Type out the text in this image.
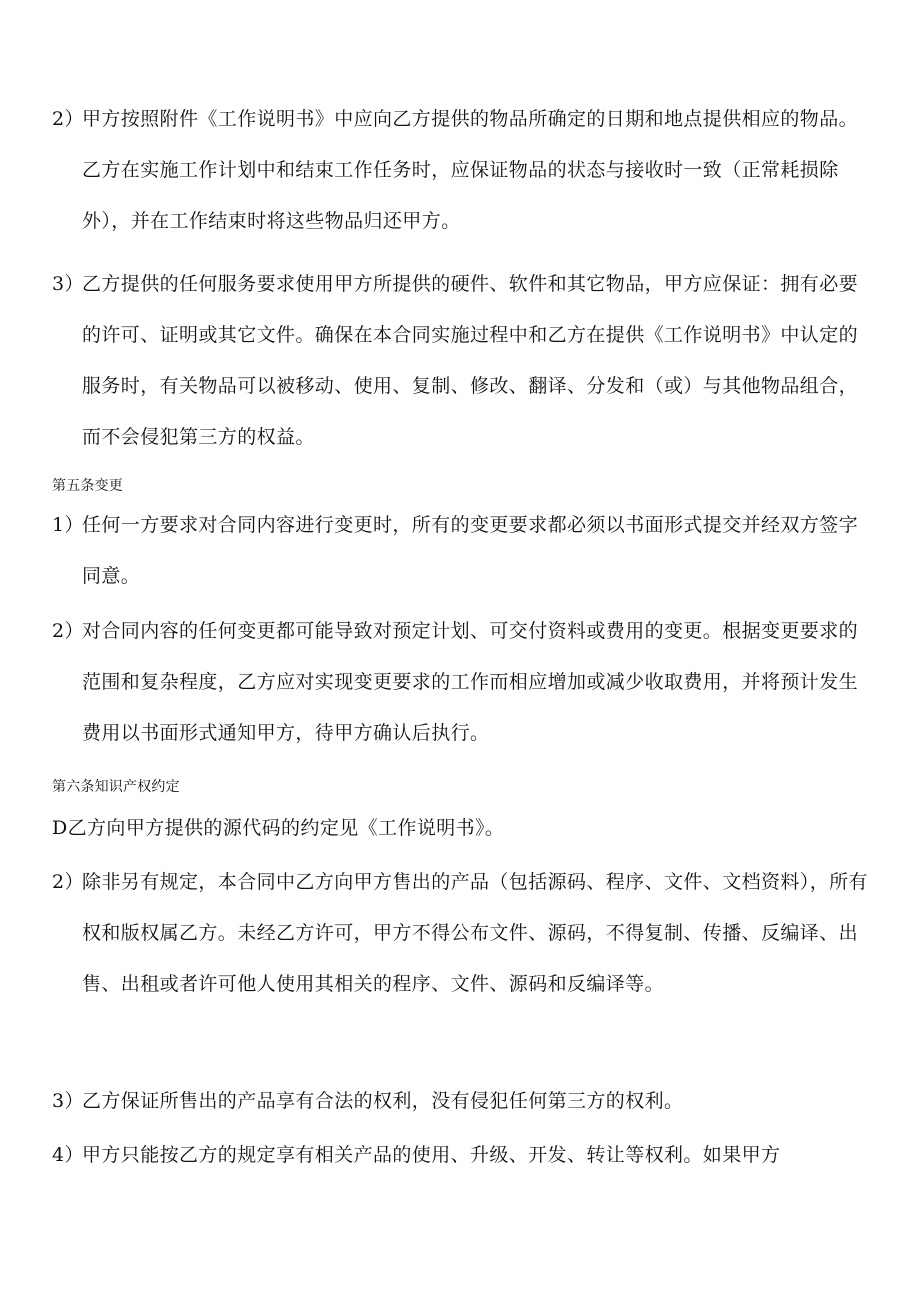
2）
甲方按照附件《工作说明书》中应向乙方提供的物品所确定的日期和地点提供相应的物品。乙方在实施工作计划中和结束工作任务时，应保证物品的状态与接收时一致（正常耗损除外），并在工作结束时将这些物品归还甲方。
3）
乙方提供的任何服务要求使用甲方所提供的硬件、软件和其它物品，甲方应保证：拥有必要的许可、证明或其它文件。确保在本合同实施过程中和乙方在提供《工作说明书》中认定的服务时，有关物品可以被移动、使用、复制、修改、翻译、分发和（或）与其他物品组合，而不会侵犯第三方的权益。
第五条变更
1）
任何一方要求对合同内容进行变更时，所有的变更要求都必须以书面形式提交并经双方签字同意。
2）
对合同内容的任何变更都可能导致对预定计划、可交付资料或费用的变更。根据变更要求的范围和复杂程度，乙方应对实现变更要求的工作而相应增加或减少收取费用，并将预计发生费用以书面形式通知甲方，待甲方确认后执行。
第六条知识产权约定
D乙方向甲方提供的源代码的约定见《工作说明书》。
2）
除非另有规定，本合同中乙方向甲方售出的产品（包括源码、程序、文件、文档资料），所有权和版权属乙方。未经乙方许可，甲方不得公布文件、源码，不得复制、传播、反编译、出售、出租或者许可他人使用其相关的程序、文件、源码和反编译等。
3）
乙方保证所售出的产品享有合法的权利，没有侵犯任何第三方的权利。
4）
甲方只能按乙方的规定享有相关产品的使用、升级、开发、转让等权利。如果甲方
